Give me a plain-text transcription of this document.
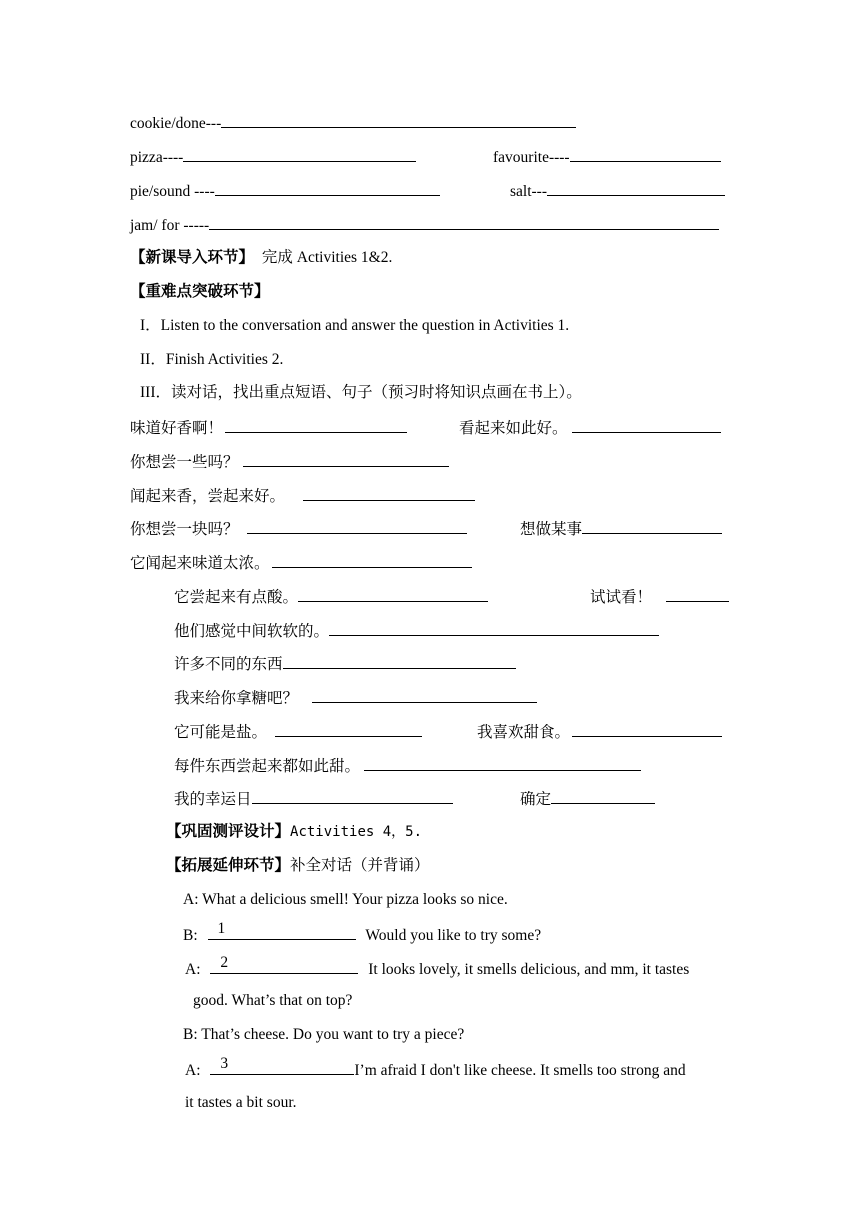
cookie/done---
pizza----	favourite----
pie/sound ----	salt---
jam/ for -----
【新课导入环节】 完成 Activities 1&2.
【重难点突破环节】
I．Listen to the conversation and answer the question in Activities 1.
II．Finish Activities 2.
III．读对话，找出重点短语、句子（预习时将知识点画在书上）。
味道好香啊！	看起来如此好。
你想尝一些吗？
闻起来香，尝起来好。
你想尝一块吗？	想做某事
它闻起来味道太浓。
它尝起来有点酸。	试试看！
他们感觉中间软软的。
许多不同的东西
我来给你拿糖吧？
它可能是盐。	我喜欢甜食。
每件东西尝起来都如此甜。
我的幸运日	确定
【巩固测评设计】Activities 4，5.
【拓展延伸环节】补全对话（并背诵）
A: What a delicious smell! Your pizza looks so nice.
B: 1	Would you like to try some?
A: 2	It looks lovely, it smells delicious, and mm, it tastes
good. What’s that on top?
B: That’s cheese. Do you want to try a piece?
A: 3	I’m afraid I don't like cheese. It smells too strong and
it tastes a bit sour.
